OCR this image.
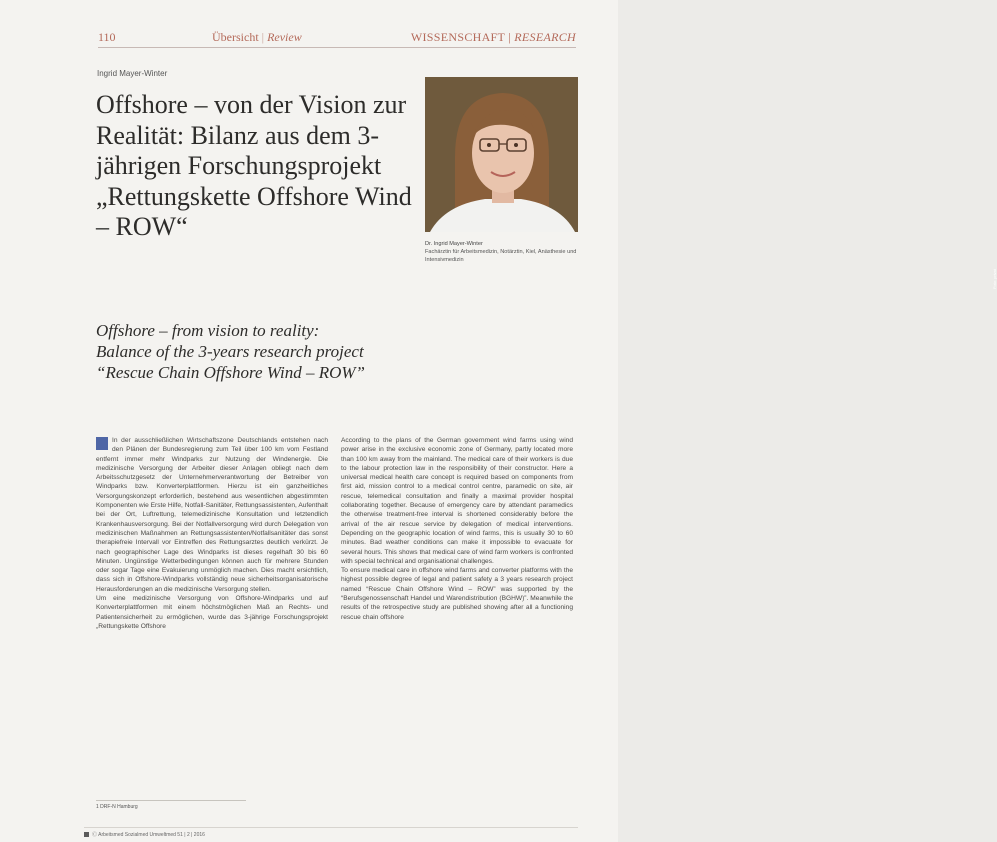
110	Übersicht | Review	WISSENSCHAFT | RESEARCH
Ingrid Mayer-Winter
Offshore – von der Vision zur Realität: Bilanz aus dem 3-jährigen Forschungsprojekt „Rettungskette Offshore Wind – ROW“
Foto: privat
Dr. Ingrid Mayer-Winter
Fachärztin für Arbeitsmedizin, Notärztin, Kiel, Anästhesie und Intensivmedizin
Offshore – from vision to reality:
Balance of the 3-years research project
“Rescue Chain Offshore Wind – ROW”

In der ausschließlichen Wirtschaftszone Deutschlands entstehen nach den Plänen der Bundesregierung zum Teil über 100 km vom Festland entfernt immer mehr Windparks zur Nutzung der Windenergie. Die medizinische Versorgung der Arbeiter dieser Anlagen obliegt nach dem Arbeitsschutzgesetz der Unternehmerverantwortung der Betreiber von Windparks bzw. Konverterplattformen. Hierzu ist ein ganzheitliches Versorgungskonzept erforderlich, bestehend aus wesentlichen abgestimmten Komponenten wie Erste Hilfe, Notfall-Sanitäter, Rettungsassistenten, Aufenthalt bei der Ort, Luftrettung, telemedizinische Konsultation und letztendlich Krankenhausversorgung. Bei der Notfallversorgung wird durch Delegation von medizinischen Maßnahmen an Rettungsassistenten/Notfallsanitäter das sonst therapiefreie Intervall vor Eintreffen des Rettungsarztes deutlich verkürzt. Je nach geographischer Lage des Windparks ist dieses regelhaft 30 bis 60 Minuten. Ungünstige Wetterbedingungen können auch für mehrere Stunden oder sogar Tage eine Evakuierung unmöglich machen. Dies macht ersichtlich, dass sich in Offshore-Windparks vollständig neue sicherheitsorganisatorische Herausforderungen an die medizinische Versorgung stellen.

Um eine medizinische Versorgung von Offshore-Windparks und auf Konverterplattformen mit einem höchstmöglichen Maß an Rechts- und Patientensicherheit zu ermöglichen, wurde das 3-jährige Forschungsprojekt „Rettungskette Offshore

According to the plans of the German government wind farms using wind power arise in the exclusive economic zone of Germany, partly located more than 100 km away from the mainland. The medical care of their workers is due to the labour protection law in the responsibility of their constructor. Here a universal medical health care concept is required based on components from first aid, mission control to a medical control centre, paramedic on site, air rescue, telemedical consultation and finally a maximal provider hospital collaborating together. Because of emergency care by attendant paramedics the otherwise treatment-free interval is shortened considerably before the arrival of the air rescue service by delegation of medical interventions. Depending on the geographic location of wind farms, this is usually 30 to 60 minutes. Bad weather conditions can make it impossible to evacuate for several hours. This shows that medical care of wind farm workers is confronted with special technical and organisational challenges.

To ensure medical care in offshore wind farms and converter platforms with the highest possible degree of legal and patient safety a 3 years research project named “Rescue Chain Offshore Wind – ROW” was supported by the “Berufsgenossenschaft Handel und Warendistribution (BGHW)”. Meanwhile the results of the retrospective study are published showing after all a functioning rescue chain offshore

1 DRF-N Hamburg
Ⓒ Arbeitsmed Sozialmed Umweltmed 51 | 2 | 2016
